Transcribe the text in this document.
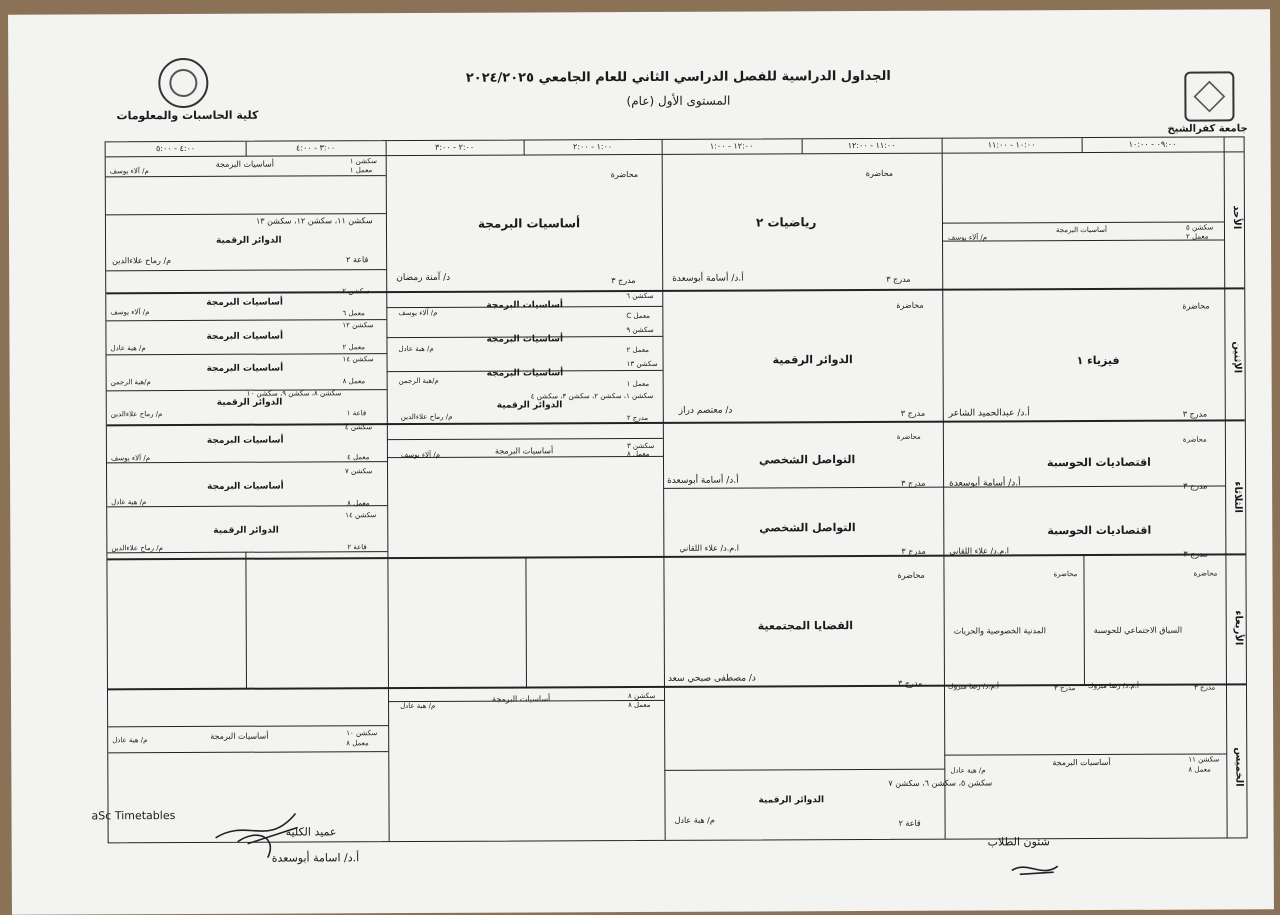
الجداول الدراسية للفصل الدراسي الثاني للعام الجامعي ٢٠٢٤/٢٠٢٥
المستوى الأول (عام)
كلية الحاسبات والمعلومات
جامعة كفرالشيخ
٠٩:٠٠ - ١٠:٠٠
١٠:٠٠ - ١١:٠٠
١١:٠٠ - ١٢:٠٠
١٢:٠٠ - ١:٠٠
١:٠٠ - ٢:٠٠
٢:٠٠ - ٣:٠٠
٣:٠٠ - ٤:٠٠
٤:٠٠ - ٥:٠٠
الأحد
الإثنين
الثلاثاء
الأربعاء
الخميس
محاضرة
رياضيات ٢
مدرج ٣
أ.د/ أسامة أبوسعدة
محاضرة
أساسيات البرمجة
مدرج ٣
د/ آمنة رمضان
سكشن ١
أساسيات البرمجة
معمل ١
م/ آلاء يوسف
سكشن ١١، سكشن ١٢، سكشن ١٣
الدوائر الرقمية
قاعة ٢
م/ رماح علاءالدين
سكشن ٥
أساسيات البرمجة
معمل ٢
م/ آلاء يوسف
محاضرة
فيزياء ١
مدرج ٣
أ.د/ عبدالحميد الشاعر
محاضرة
الدوائر الرقمية
مدرج ٣
د/ معتصم دراز
سكشن ٦
أساسيات البرمجة
معمل C
م/ آلاء يوسف
سكشن ٩
أساسيات البرمجة
معمل ٢
م/ هبة عادل
سكشن ١٣
أساسيات البرمجة
معمل ١
م/هبة الرجمن
سكشن ١، سكشن ٢، سكشن ٣، سكشن ٤
الدوائر الرقمية
مدرج ٢
م/ رماح علاءالدين
سكشن ٢
أساسيات البرمجة
معمل ٦
م/ آلاء يوسف
سكشن ١٢
أساسيات البرمجة
معمل ٢
م/ هبة عادل
سكشن ١٤
أساسيات البرمجة
معمل ٨
م/هبة الرجمن
سكشن ٨، سكشن ٩، سكشن ١٠
الدوائر الرقمية
قاعة ١
م/ رماح علاءالدين
محاضرة
اقتصاديات الحوسبة
مدرج ٣
أ.د/ أسامة أبوسعدة
محاضرة
التواصل الشخصي
مدرج ٣
أ.د/ أسامة أبوسعدة
سكشن ٣
أساسيات البرمجة	معمل ٨
م/ آلاء يوسف
سكشن ٤
أساسيات البرمجة
معمل ٤
م/ آلاء يوسف
اقتصاديات الحوسبة
مدرج ٣
ا.م.د/ علاء اللقاني
التواصل الشخصي
مدرج ٣
ا.م.د/ علاء اللقاني
سكشن ٧
أساسيات البرمجة
معمل ٨
م/ هبة عادل
سكشن ١٤
الدوائر الرقمية
قاعة ٢
م/ رماح علاءالدين
محاضرة
السياق الاجتماعي للحوسبة
مدرج ٣
أ.م.د/ رضا مبروك
محاضرة
المدنية الخصوصية والحريات
مدرج ٣
أ.م.د/ رضا مبروك
محاضرة
القضايا المجتمعية
مدرج ٣
د/ مصطفى صبحي سعد
سكشن ٨
أساسيات البرمجة
معمل ٨
م/ هبة عادل
سكشن ١١
أساسيات البرمجة
معمل ٨
م/ هبة عادل
سكشن ٥، سكشن ٦، سكشن ٧
الدوائر الرقمية
قاعة ٢
م/ هبة عادل
سكشن ١٠
أساسيات البرمجة
معمل ٨
م/ هبة عادل
aSc Timetables
عميد الكلية
أ.د/ اسامة أبوسعدة
شئون الطلاب
